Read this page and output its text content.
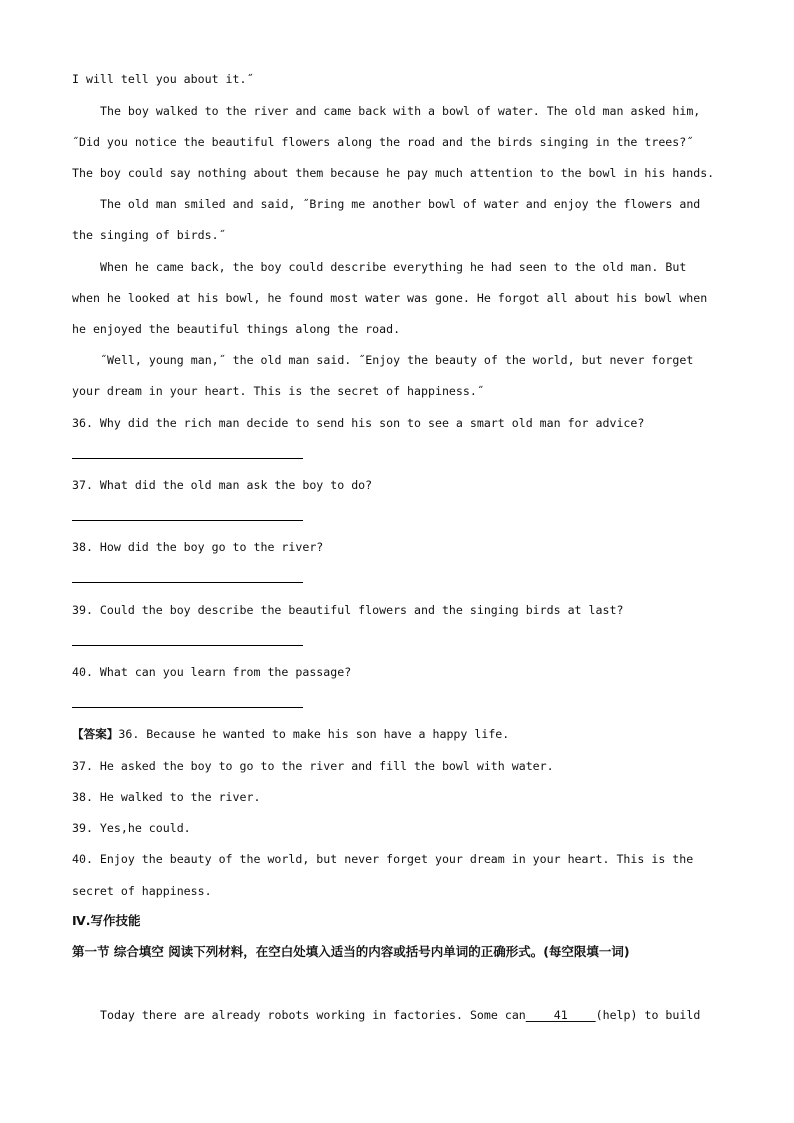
I will tell you about it.˝
The boy walked to the river and came back with a bowl of water. The old man asked him,
˝Did you notice the beautiful flowers along the road and the birds singing in the trees?˝
The boy could say nothing about them because he pay much attention to the bowl in his hands.
The old man smiled and said, ˝Bring me another bowl of water and enjoy the flowers and
the singing of birds.˝
When he came back, the boy could describe everything he had seen to the old man. But
when he looked at his bowl, he found most water was gone. He forgot all about his bowl when
he enjoyed the beautiful things along the road.
˝Well, young man,˝ the old man said. ˝Enjoy the beauty of the world, but never forget
your dream in your heart. This is the secret of happiness.˝
36. Why did the rich man decide to send his son to see a smart old man for advice?
37. What did the old man ask the boy to do?
38. How did the boy go to the river?
39. Could the boy describe the beautiful flowers and the singing birds at last?
40. What can you learn from the passage?
【答案】36. Because he wanted to make his son have a happy life.
37. He asked the boy to go to the river and fill the bowl with water.
38. He walked to the river.
39. Yes,he could.
40. Enjoy the beauty of the world, but never forget your dream in your heart. This is the
secret of happiness.
Ⅳ.写作技能
第一节 综合填空 阅读下列材料，在空白处填入适当的内容或括号内单词的正确形式。(每空限填一词)
Today there are already robots working in factories. Some can____41____(help) to build
